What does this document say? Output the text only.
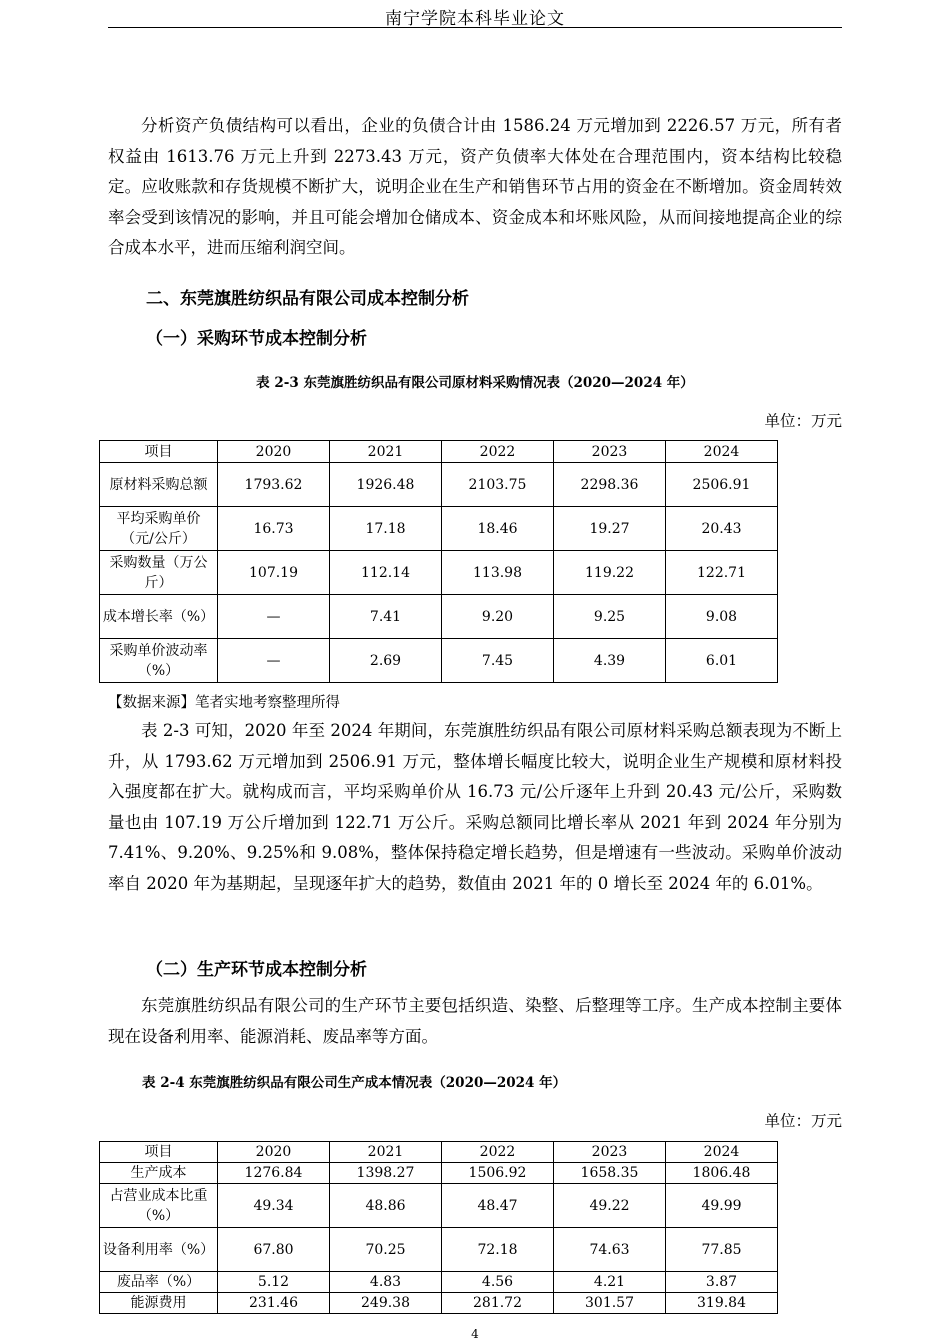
南宁学院本科毕业论文

分析资产负债结构可以看出，企业的负债合计由 1586.24 万元增加到 2226.57 万元，所有者权益由 1613.76 万元上升到 2273.43 万元，资产负债率大体处在合理范围内，资本结构比较稳定。应收账款和存货规模不断扩大，说明企业在生产和销售环节占用的资金在不断增加。资金周转效率会受到该情况的影响，并且可能会增加仓储成本、资金成本和坏账风险，从而间接地提高企业的综合成本水平，进而压缩利润空间。

二、东莞旗胜纺织品有限公司成本控制分析

（一）采购环节成本控制分析

表 2-3 东莞旗胜纺织品有限公司原材料采购情况表（2020—2024 年）

单位：万元

项目	2020	2021	2022	2023	2024
原材料采购总额	1793.62	1926.48	2103.75	2298.36	2506.91
平均采购单价（元/公斤）	16.73	17.18	18.46	19.27	20.43
采购数量（万公斤）	107.19	112.14	113.98	119.22	122.71
成本增长率（%）	—	7.41	9.20	9.25	9.08
采购单价波动率（%）	—	2.69	7.45	4.39	6.01

【数据来源】笔者实地考察整理所得

表 2-3 可知，2020 年至 2024 年期间，东莞旗胜纺织品有限公司原材料采购总额表现为不断上升，从 1793.62 万元增加到 2506.91 万元，整体增长幅度比较大，说明企业生产规模和原材料投入强度都在扩大。就构成而言，平均采购单价从 16.73 元/公斤逐年上升到 20.43 元/公斤，采购数量也由 107.19 万公斤增加到 122.71 万公斤。采购总额同比增长率从 2021 年到 2024 年分别为 7.41%、9.20%、9.25%和 9.08%，整体保持稳定增长趋势，但是增速有一些波动。采购单价波动率自 2020 年为基期起，呈现逐年扩大的趋势，数值由 2021 年的 0 增长至 2024 年的 6.01%。

（二）生产环节成本控制分析

东莞旗胜纺织品有限公司的生产环节主要包括织造、染整、后整理等工序。生产成本控制主要体现在设备利用率、能源消耗、废品率等方面。

表 2-4 东莞旗胜纺织品有限公司生产成本情况表（2020—2024 年）

单位：万元

项目	2020	2021	2022	2023	2024
生产成本	1276.84	1398.27	1506.92	1658.35	1806.48
占营业成本比重（%）	49.34	48.86	48.47	49.22	49.99
设备利用率（%）	67.80	70.25	72.18	74.63	77.85
废品率（%）	5.12	4.83	4.56	4.21	3.87
能源费用	231.46	249.38	281.72	301.57	319.84
4
